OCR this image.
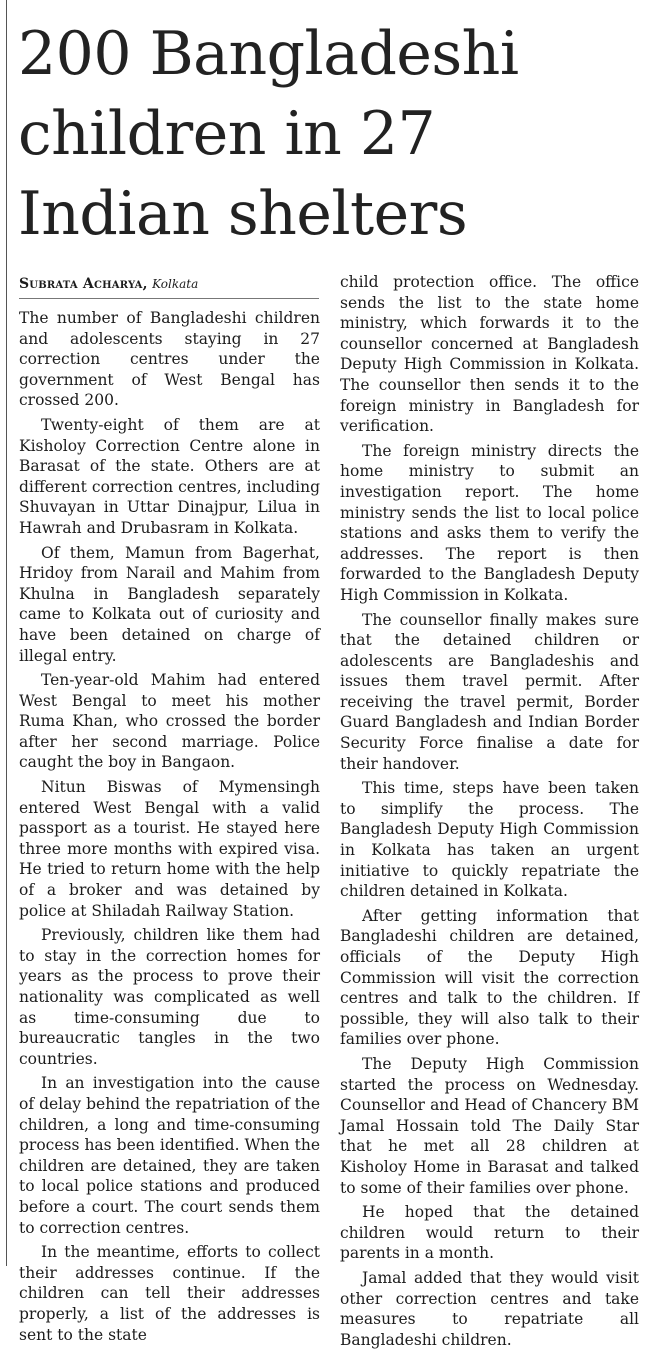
200 Bangladeshi children in 27 Indian shelters
Subrata Acharya, Kolkata

The number of Bangladeshi children and adolescents staying in 27 correction centres under the government of West Bengal has crossed 200.

Twenty-eight of them are at Kisholoy Correction Centre alone in Barasat of the state. Others are at different correction centres, including Shuvayan in Uttar Dinajpur, Lilua in Hawrah and Drubasram in Kolkata.

Of them, Mamun from Bagerhat, Hridoy from Narail and Mahim from Khulna in Bangladesh separately came to Kolkata out of curiosity and have been detained on charge of illegal entry.

Ten-year-old Mahim had entered West Bengal to meet his mother Ruma Khan, who crossed the border after her second marriage. Police caught the boy in Bangaon.

Nitun Biswas of Mymensingh entered West Bengal with a valid passport as a tourist. He stayed here three more months with expired visa. He tried to return home with the help of a broker and was detained by police at Shiladah Railway Station.

Previously, children like them had to stay in the correction homes for years as the process to prove their nationality was complicated as well as time-consuming due to bureaucratic tangles in the two countries.

In an investigation into the cause of delay behind the repatriation of the children, a long and time-consuming process has been identified. When the children are detained, they are taken to local police stations and produced before a court. The court sends them to correction centres.

In the meantime, efforts to collect their addresses continue. If the children can tell their addresses properly, a list of the addresses is sent to the state

child protection office. The office sends the list to the state home ministry, which forwards it to the counsellor concerned at Bangladesh Deputy High Commission in Kolkata. The counsellor then sends it to the foreign ministry in Bangladesh for verification.

The foreign ministry directs the home ministry to submit an investigation report. The home ministry sends the list to local police stations and asks them to verify the addresses. The report is then forwarded to the Bangladesh Deputy High Commission in Kolkata.

The counsellor finally makes sure that the detained children or adolescents are Bangladeshis and issues them travel permit. After receiving the travel permit, Border Guard Bangladesh and Indian Border Security Force finalise a date for their handover.

This time, steps have been taken to simplify the process. The Bangladesh Deputy High Commission in Kolkata has taken an urgent initiative to quickly repatriate the children detained in Kolkata.

After getting information that Bangladeshi children are detained, officials of the Deputy High Commission will visit the correction centres and talk to the children. If possible, they will also talk to their families over phone.

The Deputy High Commission started the process on Wednesday. Counsellor and Head of Chancery BM Jamal Hossain told The Daily Star that he met all 28 children at Kisholoy Home in Barasat and talked to some of their families over phone.

He hoped that the detained children would return to their parents in a month.

Jamal added that they would visit other correction centres and take measures to repatriate all Bangladeshi children.
